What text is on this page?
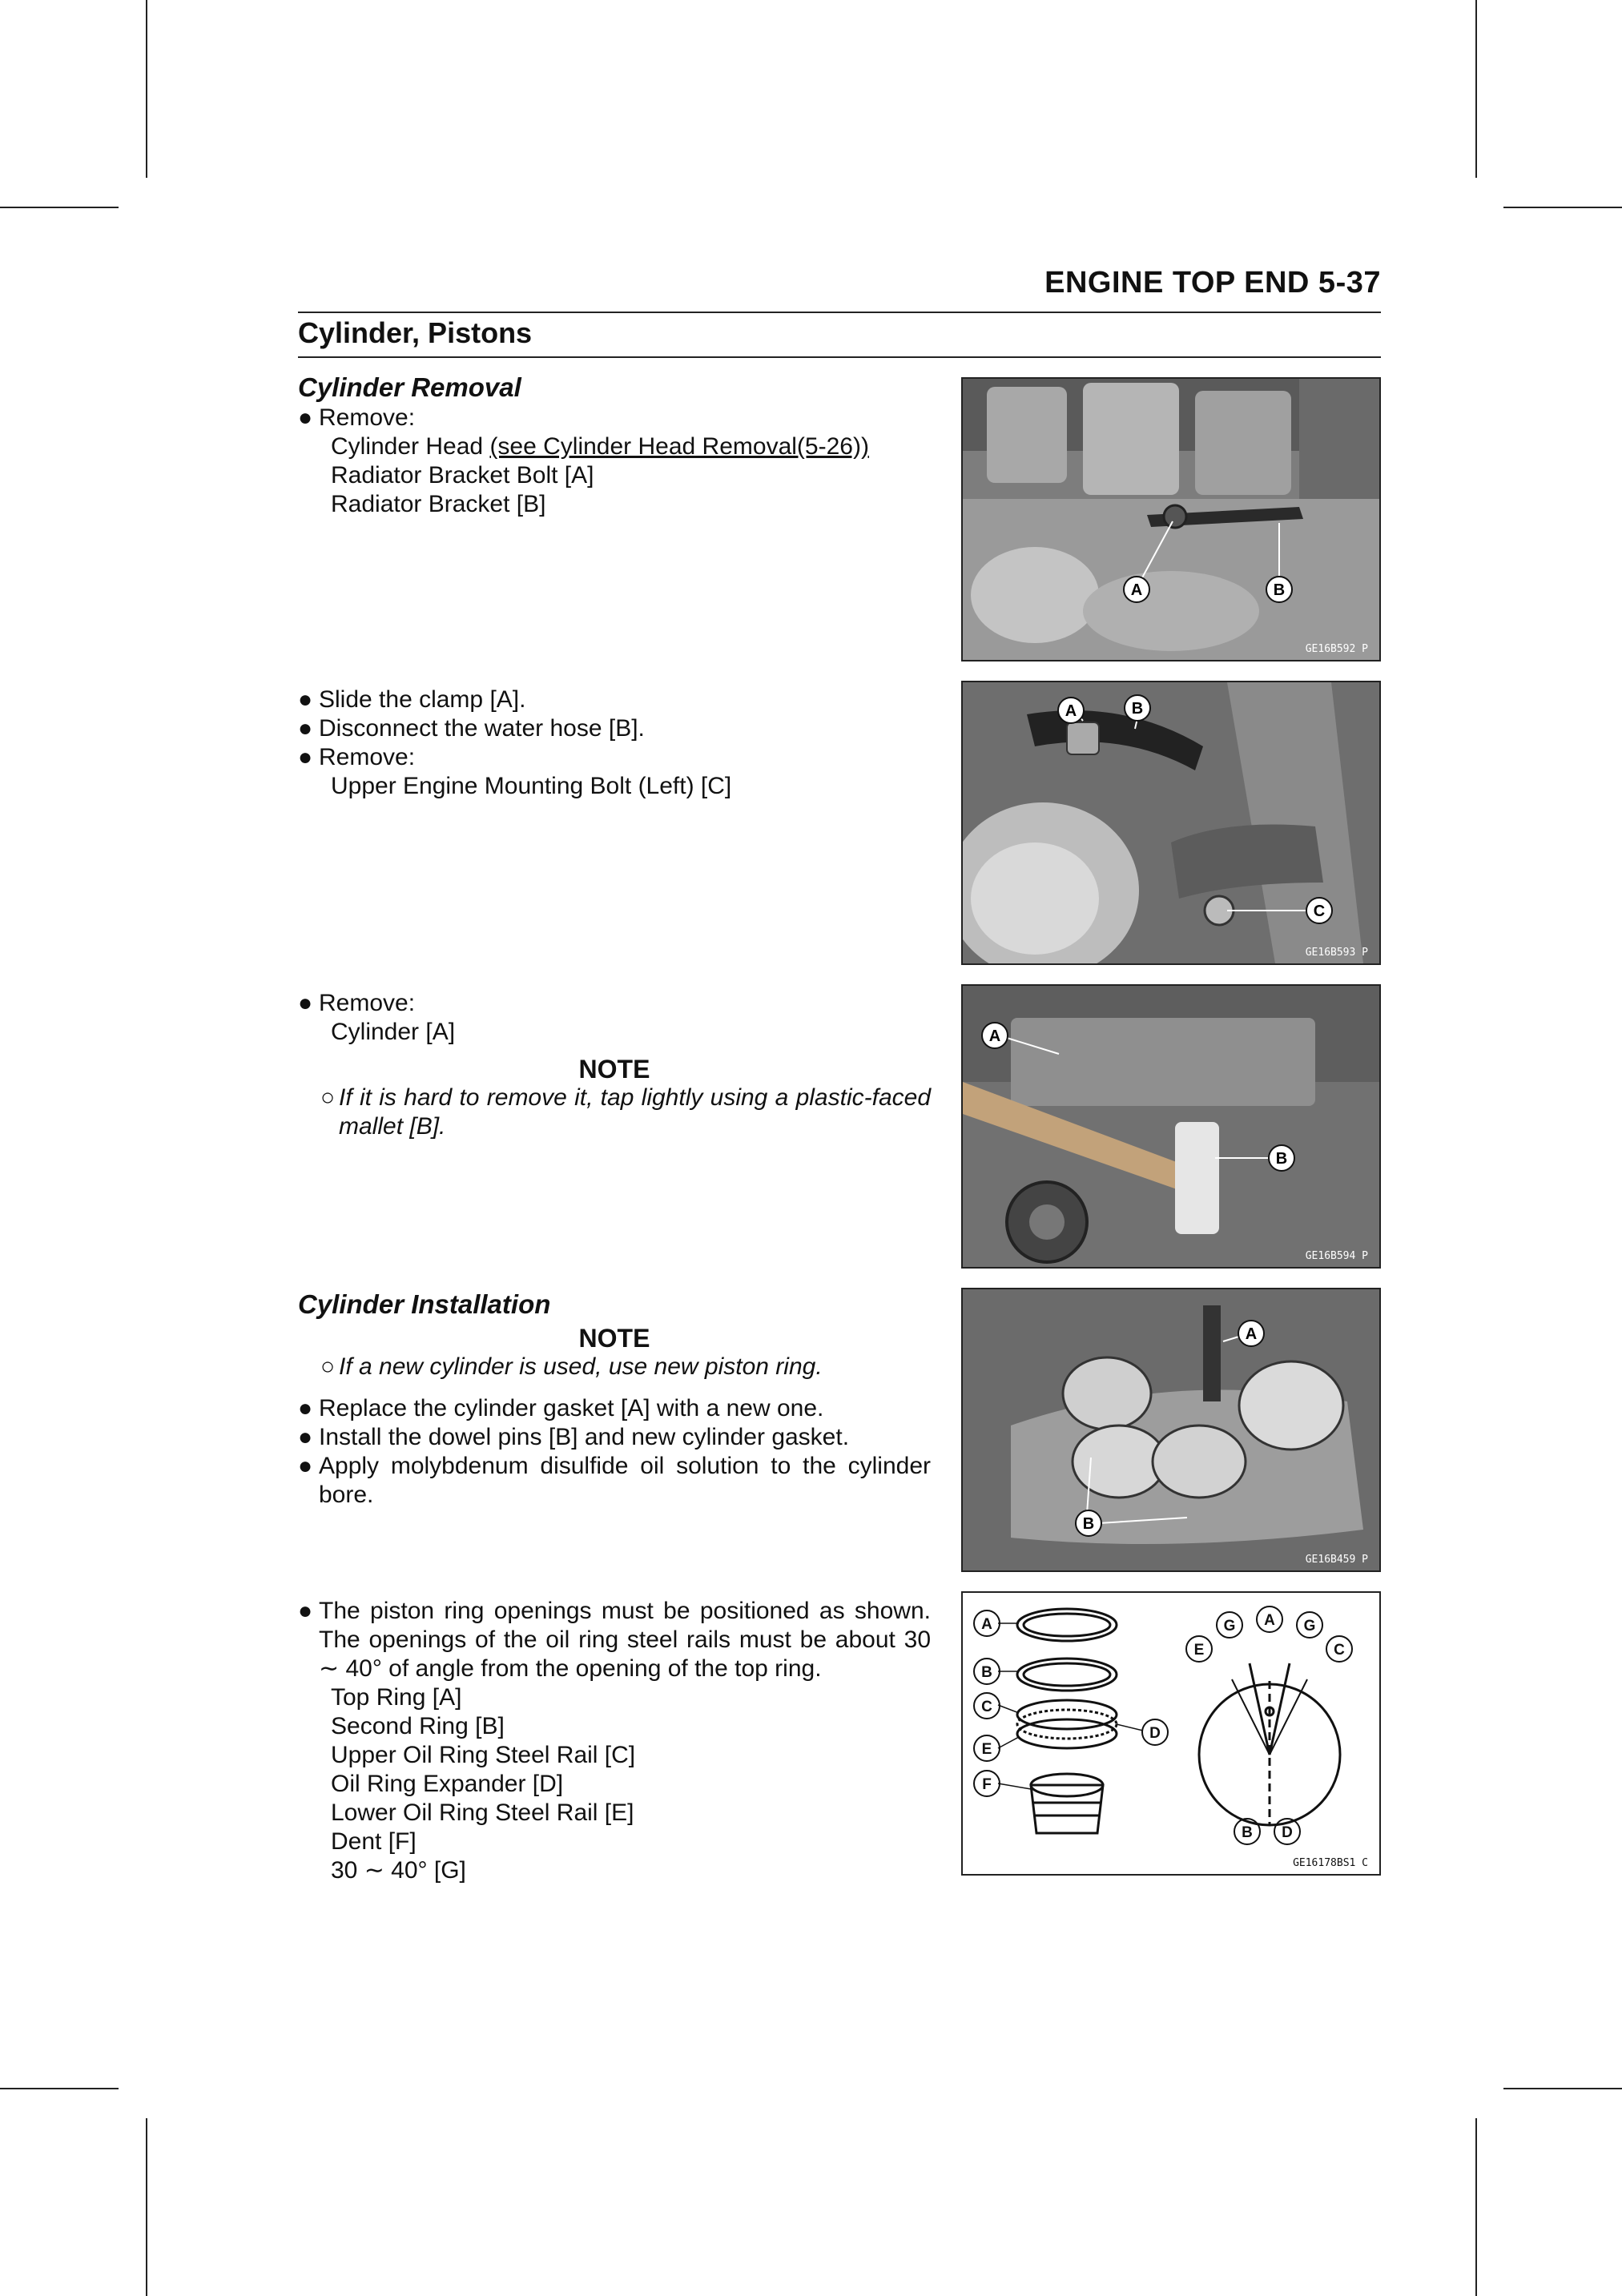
ENGINE TOP END 5-37
Cylinder, Pistons
Cylinder Removal
● Remove:
Cylinder Head (see Cylinder Head Removal(5-26))
Radiator Bracket Bolt [A]
Radiator Bracket [B]
● Slide the clamp [A].
● Disconnect the water hose [B].
● Remove:
Upper Engine Mounting Bolt (Left) [C]
● Remove:
Cylinder [A]
NOTE
○ If it is hard to remove it, tap lightly using a plastic-faced mallet [B].
Cylinder Installation
NOTE
○ If a new cylinder is used, use new piston ring.
● Replace the cylinder gasket [A] with a new one.
● Install the dowel pins [B] and new cylinder gasket.
● Apply molybdenum disulfide oil solution to the cylinder bore.
● The piston ring openings must be positioned as shown. The openings of the oil ring steel rails must be about 30 ∼ 40° of angle from the opening of the top ring.
Top Ring [A]
Second Ring [B]
Upper Oil Ring Steel Rail [C]
Oil Ring Expander [D]
Lower Oil Ring Steel Rail [E]
Dent [F]
30 ∼ 40° [G]
A	B
GE16B592 P
A	B
C
GE16B593 P
A
B
GE16B594 P
A
B
GE16B459 P
A
B
C
E
F
D
A
G	G
E	C
B D
GE16178BS1 C
